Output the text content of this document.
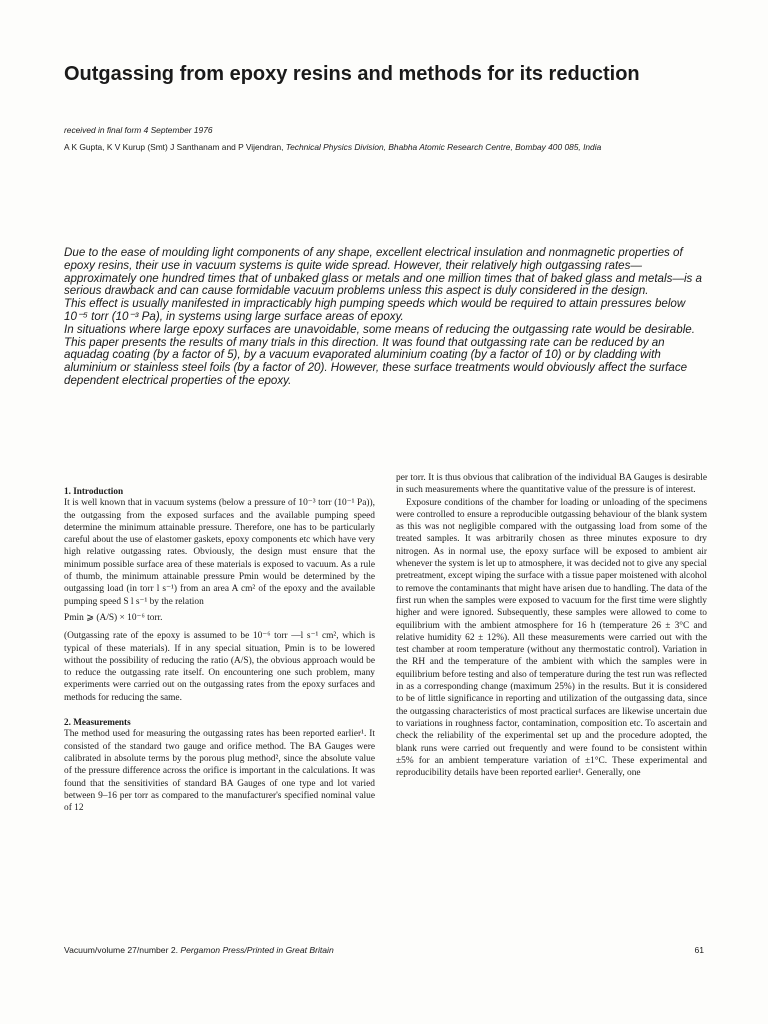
Outgassing from epoxy resins and methods for its reduction
received in final form 4 September 1976
A K Gupta, K V Kurup (Smt) J Santhanam and P Vijendran, Technical Physics Division, Bhabha Atomic Research Centre, Bombay 400 085, India

Due to the ease of moulding light components of any shape, excellent electrical insulation and nonmagnetic properties of epoxy resins, their use in vacuum systems is quite wide spread. However, their relatively high outgassing rates—approximately one hundred times that of unbaked glass or metals and one million times that of baked glass and metals—is a serious drawback and can cause formidable vacuum problems unless this aspect is duly considered in the design.

This effect is usually manifested in impracticably high pumping speeds which would be required to attain pressures below 10⁻⁵ torr (10⁻³ Pa), in systems using large surface areas of epoxy.

In situations where large epoxy surfaces are unavoidable, some means of reducing the outgassing rate would be desirable. This paper presents the results of many trials in this direction. It was found that outgassing rate can be reduced by an aquadag coating (by a factor of 5), by a vacuum evaporated aluminium coating (by a factor of 10) or by cladding with aluminium or stainless steel foils (by a factor of 20). However, these surface treatments would obviously affect the surface dependent electrical properties of the epoxy.

1. Introduction

It is well known that in vacuum systems (below a pressure of 10⁻³ torr (10⁻¹ Pa)), the outgassing from the exposed surfaces and the available pumping speed determine the minimum attainable pressure. Therefore, one has to be particularly careful about the use of elastomer gaskets, epoxy components etc which have very high relative outgassing rates. Obviously, the design must ensure that the minimum possible surface area of these materials is exposed to vacuum. As a rule of thumb, the minimum attainable pressure Pmin would be determined by the outgassing load (in torr l s⁻¹) from an area A cm² of the epoxy and the available pumping speed S l s⁻¹ by the relation

Pmin ⩾ (A/S) × 10⁻⁶ torr.

(Outgassing rate of the epoxy is assumed to be 10⁻⁶ torr —l s⁻¹ cm², which is typical of these materials). If in any special situation, Pmin is to be lowered without the possibility of reducing the ratio (A/S), the obvious approach would be to reduce the outgassing rate itself. On encountering one such problem, many experiments were carried out on the outgassing rates from the epoxy surfaces and methods for reducing the same.

2. Measurements

The method used for measuring the outgassing rates has been reported earlier¹. It consisted of the standard two gauge and orifice method. The BA Gauges were calibrated in absolute terms by the porous plug method², since the absolute value of the pressure difference across the orifice is important in the calculations. It was found that the sensitivities of standard BA Gauges of one type and lot varied between 9–16 per torr as compared to the manufacturer's specified nominal value of 12

per torr. It is thus obvious that calibration of the individual BA Gauges is desirable in such measurements where the quantitative value of the pressure is of interest.

Exposure conditions of the chamber for loading or unloading of the specimens were controlled to ensure a reproducible outgassing behaviour of the blank system as this was not negligible compared with the outgassing load from some of the treated samples. It was arbitrarily chosen as three minutes exposure to dry nitrogen. As in normal use, the epoxy surface will be exposed to ambient air whenever the system is let up to atmosphere, it was decided not to give any special pretreatment, except wiping the surface with a tissue paper moistened with alcohol to remove the contaminants that might have arisen due to handling. The data of the first run when the samples were exposed to vacuum for the first time were slightly higher and were ignored. Subsequently, these samples were allowed to come to equilibrium with the ambient atmosphere for 16 h (temperature 26 ± 3°C and relative humidity 62 ± 12%). All these measurements were carried out with the test chamber at room temperature (without any thermostatic control). Variation in the RH and the temperature of the ambient with which the samples were in equilibrium before testing and also of temperature during the test run was reflected in as a corresponding change (maximum 25%) in the results. But it is considered to be of little significance in reporting and utilization of the outgassing data, since the outgassing characteristics of most practical surfaces are likewise uncertain due to variations in roughness factor, contamination, composition etc. To ascertain and check the reliability of the experimental set up and the procedure adopted, the blank runs were carried out frequently and were found to be consistent within ±5% for an ambient temperature variation of ±1°C. These experimental and reproducibility details have been reported earlier¹. Generally, one

Vacuum/volume 27/number 2. Pergamon Press/Printed in Great Britain	61
